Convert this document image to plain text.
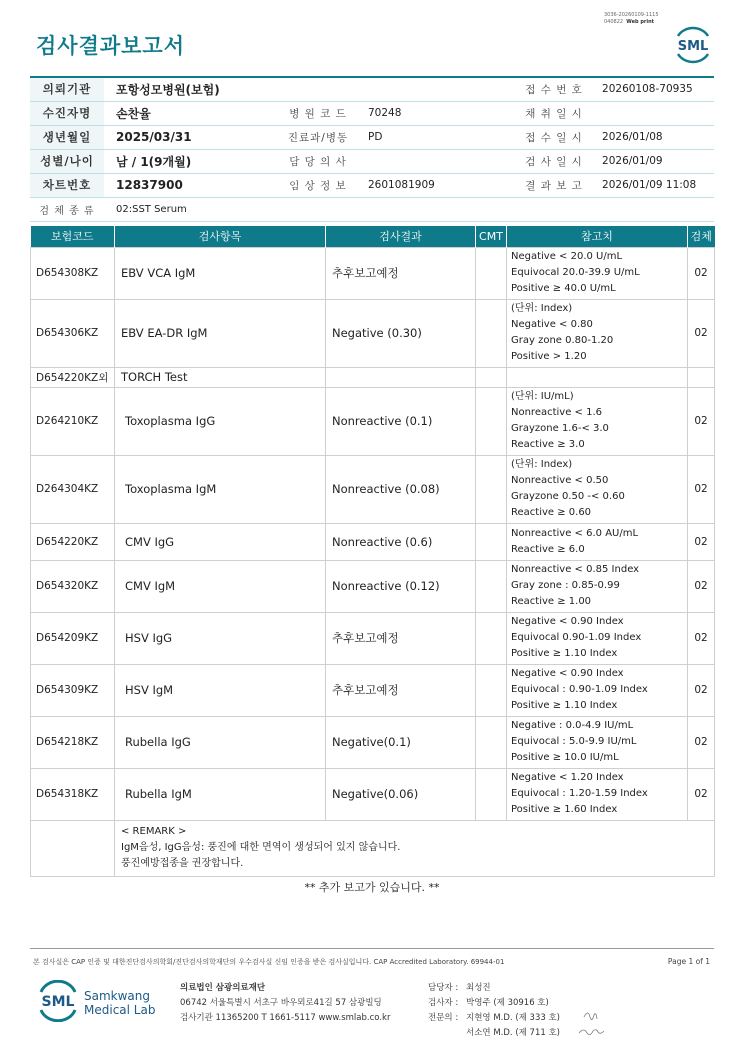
3036-20260109-1115
040822 Web print
검사결과보고서	SML
의뢰기관	포항성모병원(보험)			접 수 번 호	20260108-70935
수진자명	손찬율	병 원 코 드	70248	채 취 일 시	
생년월일	2025/03/31	진료과/병동	PD	접 수 일 시	2026/01/08
성별/나이	남 / 1(9개월)	담 당 의 사		검 사 일 시	2026/01/09
차트번호	12837900	임 상 정 보	2601081909	결 과 보 고	2026/01/09 11:08
검 체 종 류	02:SST Serum				
보험코드	검사항목	검사결과	CMT	참고치	검체
D654308KZ	EBV VCA IgM	추후보고예정		Negative < 20.0 U/mL
Equivocal 20.0-39.9 U/mL
Positive ≥ 40.0 U/mL	02
D654306KZ	EBV EA-DR IgM	Negative (0.30)		(단위: Index)
Negative < 0.80
Gray zone 0.80-1.20
Positive > 1.20	02
D654220KZ외	TORCH Test				
D264210KZ	Toxoplasma IgG	Nonreactive (0.1)		(단위: IU/mL)
Nonreactive < 1.6
Grayzone 1.6-< 3.0
Reactive ≥ 3.0	02
D264304KZ	Toxoplasma IgM	Nonreactive (0.08)		(단위: Index)
Nonreactive < 0.50
Grayzone 0.50 -< 0.60
Reactive ≥ 0.60	02
D654220KZ	CMV IgG	Nonreactive (0.6)		Nonreactive < 6.0 AU/mL
Reactive ≥ 6.0	02
D654320KZ	CMV IgM	Nonreactive (0.12)		Nonreactive < 0.85 Index
Gray zone : 0.85-0.99
Reactive ≥ 1.00	02
D654209KZ	HSV IgG	추후보고예정		Negative < 0.90 Index
Equivocal 0.90-1.09 Index
Positive ≥ 1.10 Index	02
D654309KZ	HSV IgM	추후보고예정		Negative < 0.90 Index
Equivocal : 0.90-1.09 Index
Positive ≥ 1.10 Index	02
D654218KZ	Rubella IgG	Negative(0.1)		Negative : 0.0-4.9 IU/mL
Equivocal : 5.0-9.9 IU/mL
Positive ≥ 10.0 IU/mL	02
D654318KZ	Rubella IgM	Negative(0.06)		Negative < 1.20 Index
Equivocal : 1.20-1.59 Index
Positive ≥ 1.60 Index	02

	< REMARK >
IgM음성, IgG음성: 풍진에 대한 면역이 생성되어 있지 않습니다.
풍진예방접종을 권장합니다.				
** 추가 보고가 있습니다. **
본 검사실은 CAP 인증 및 대한진단검사의학회/진단검사의학재단의 우수검사실 신임 인증을 받은 검사실입니다. CAP Accredited Laboratory. 69944-01	Page 1 of 1
SML Samkwang
Medical Lab
의료법인 삼광의료재단
06742 서울특별시 서초구 바우뫼로41길 57 삼광빌딩
검사기관 11365200 T 1661-5117 www.smlab.co.kr
담당자 : 최성진
검사자 : 박영주 (제 30916 호)
전문의 : 지현영 M.D. (제 333 호)
서소연 M.D. (제 711 호)
